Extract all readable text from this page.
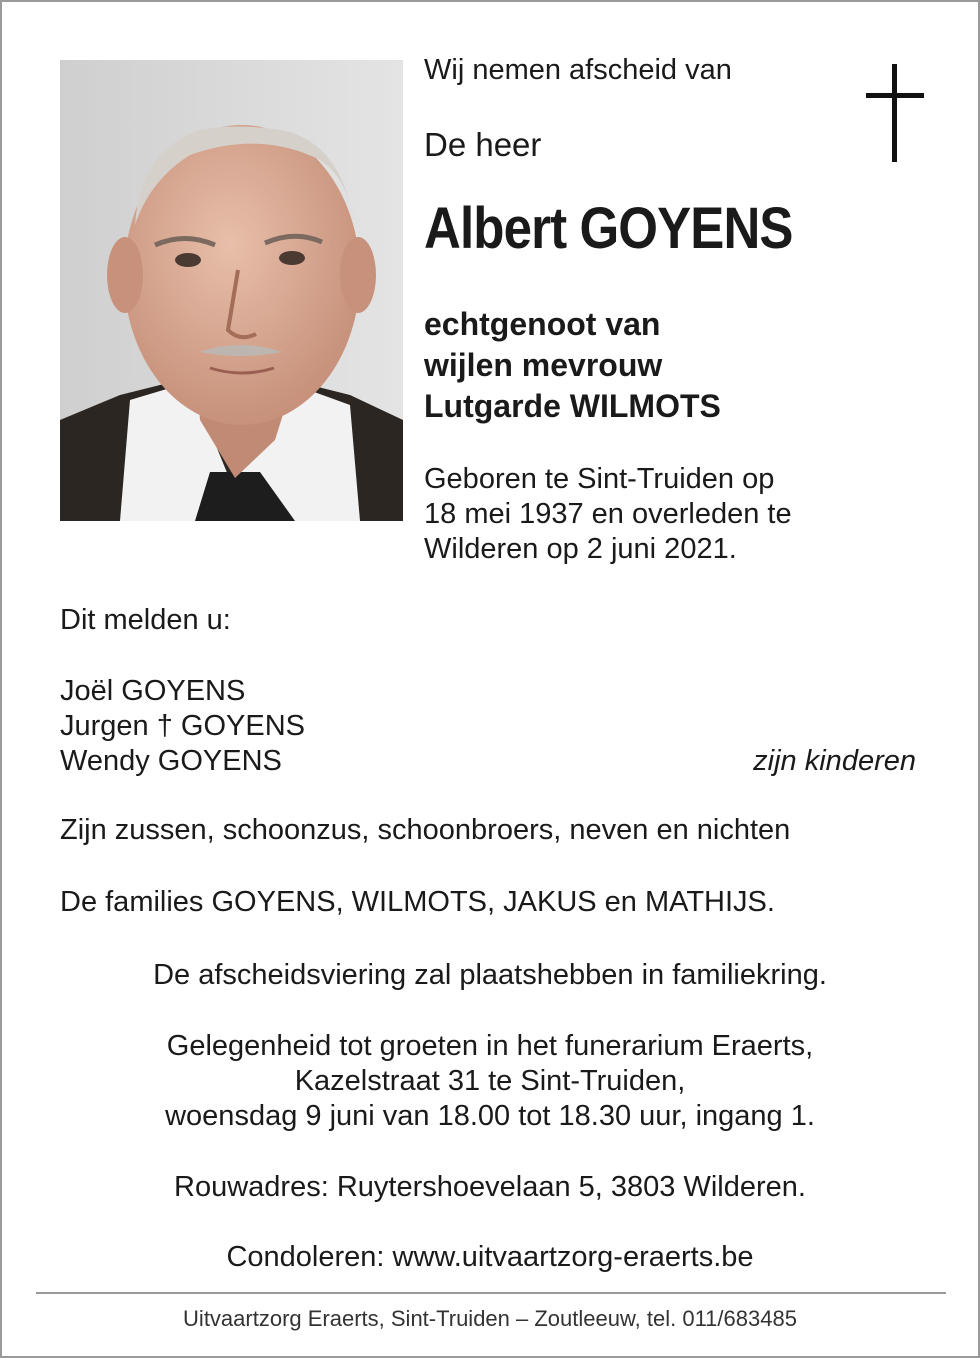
Wij nemen afscheid van
De heer
Albert GOYENS
echtgenoot van
wijlen mevrouw
Lutgarde WILMOTS
Geboren te Sint-Truiden op
18 mei 1937 en overleden te
Wilderen op 2 juni 2021.
Dit melden u:
Joël GOYENS
Jurgen † GOYENS
Wendy GOYENS	zijn kinderen
Zijn zussen, schoonzus, schoonbroers, neven en nichten
De families GOYENS, WILMOTS, JAKUS en MATHIJS.
De afscheidsviering zal plaatshebben in familiekring.
Gelegenheid tot groeten in het funerarium Eraerts,
Kazelstraat 31 te Sint-Truiden,
woensdag 9 juni van 18.00 tot 18.30 uur, ingang 1.
Rouwadres: Ruytershoevelaan 5, 3803 Wilderen.
Condoleren: www.uitvaartzorg-eraerts.be
Uitvaartzorg Eraerts, Sint-Truiden – Zoutleeuw, tel. 011/683485
